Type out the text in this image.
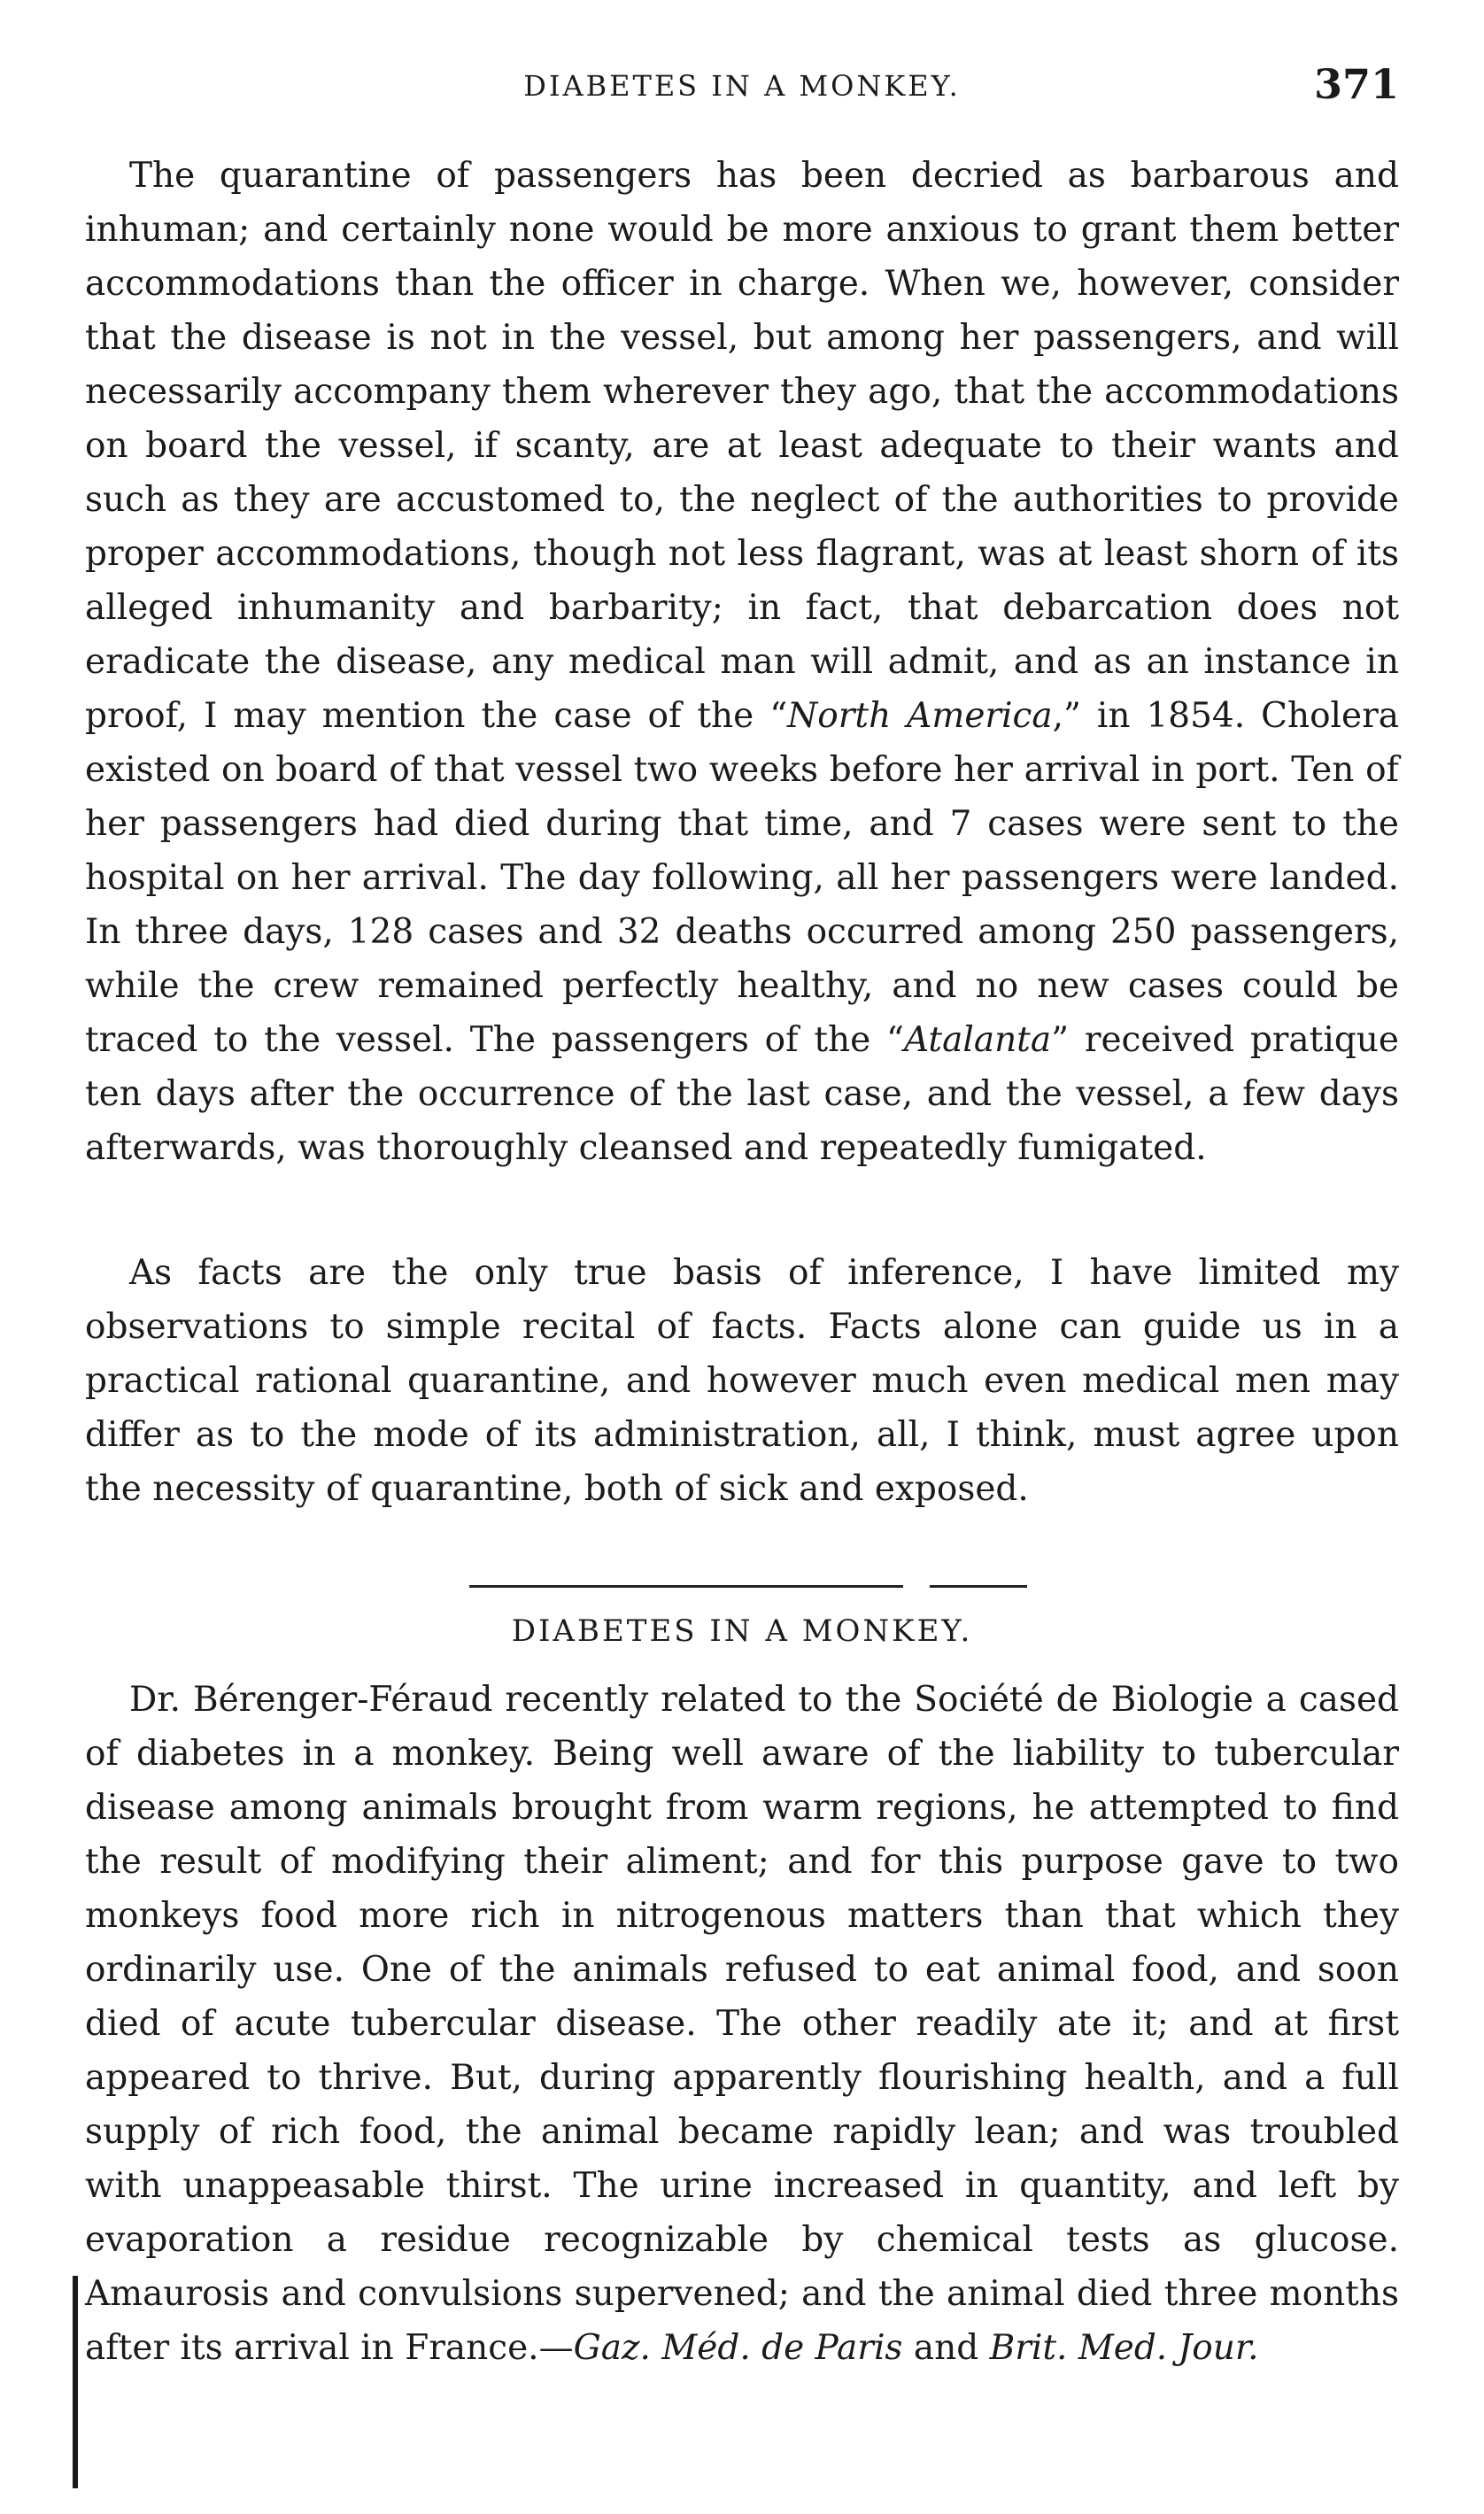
DIABETES IN A MONKEY.	371

The quarantine of passengers has been decried as barbarous and inhuman; and certainly none would be more anxious to grant them better accommodations than the officer in charge. When we, however, consider that the disease is not in the vessel, but among her passengers, and will necessarily accompany them wherever they ago, that the accommodations on board the vessel, if scanty, are at least adequate to their wants and such as they are accustomed to, the neglect of the authorities to provide proper accommodations, though not less flagrant, was at least shorn of its alleged inhumanity and barbarity; in fact, that debarcation does not eradicate the disease, any medical man will admit, and as an instance in proof, I may mention the case of the “North America,” in 1854. Cholera existed on board of that vessel two weeks before her arrival in port. Ten of her passengers had died during that time, and 7 cases were sent to the hospital on her arrival. The day following, all her passengers were landed. In three days, 128 cases and 32 deaths occurred among 250 passengers, while the crew remained perfectly healthy, and no new cases could be traced to the vessel. The passengers of the “Atalanta” received pratique ten days after the occurrence of the last case, and the vessel, a few days afterwards, was thoroughly cleansed and repeatedly fumigated.

As facts are the only true basis of inference, I have limited my observations to simple recital of facts. Facts alone can guide us in a practical rational quarantine, and however much even medical men may differ as to the mode of its administration, all, I think, must agree upon the necessity of quarantine, both of sick and exposed.

DIABETES IN A MONKEY.

Dr. Bérenger-Féraud recently related to the Société de Biologie a cased of diabetes in a monkey. Being well aware of the liability to tubercular disease among animals brought from warm regions, he attempted to find the result of modifying their aliment; and for this purpose gave to two monkeys food more rich in nitrogenous matters than that which they ordinarily use. One of the animals refused to eat animal food, and soon died of acute tubercular disease. The other readily ate it; and at first appeared to thrive. But, during apparently flourishing health, and a full supply of rich food, the animal became rapidly lean; and was troubled with unappeasable thirst. The urine increased in quantity, and left by evaporation a residue recognizable by chemical tests as glucose. Amaurosis and convulsions supervened; and the animal died three months after its arrival in France.—Gaz. Méd. de Paris and Brit. Med. Jour.
